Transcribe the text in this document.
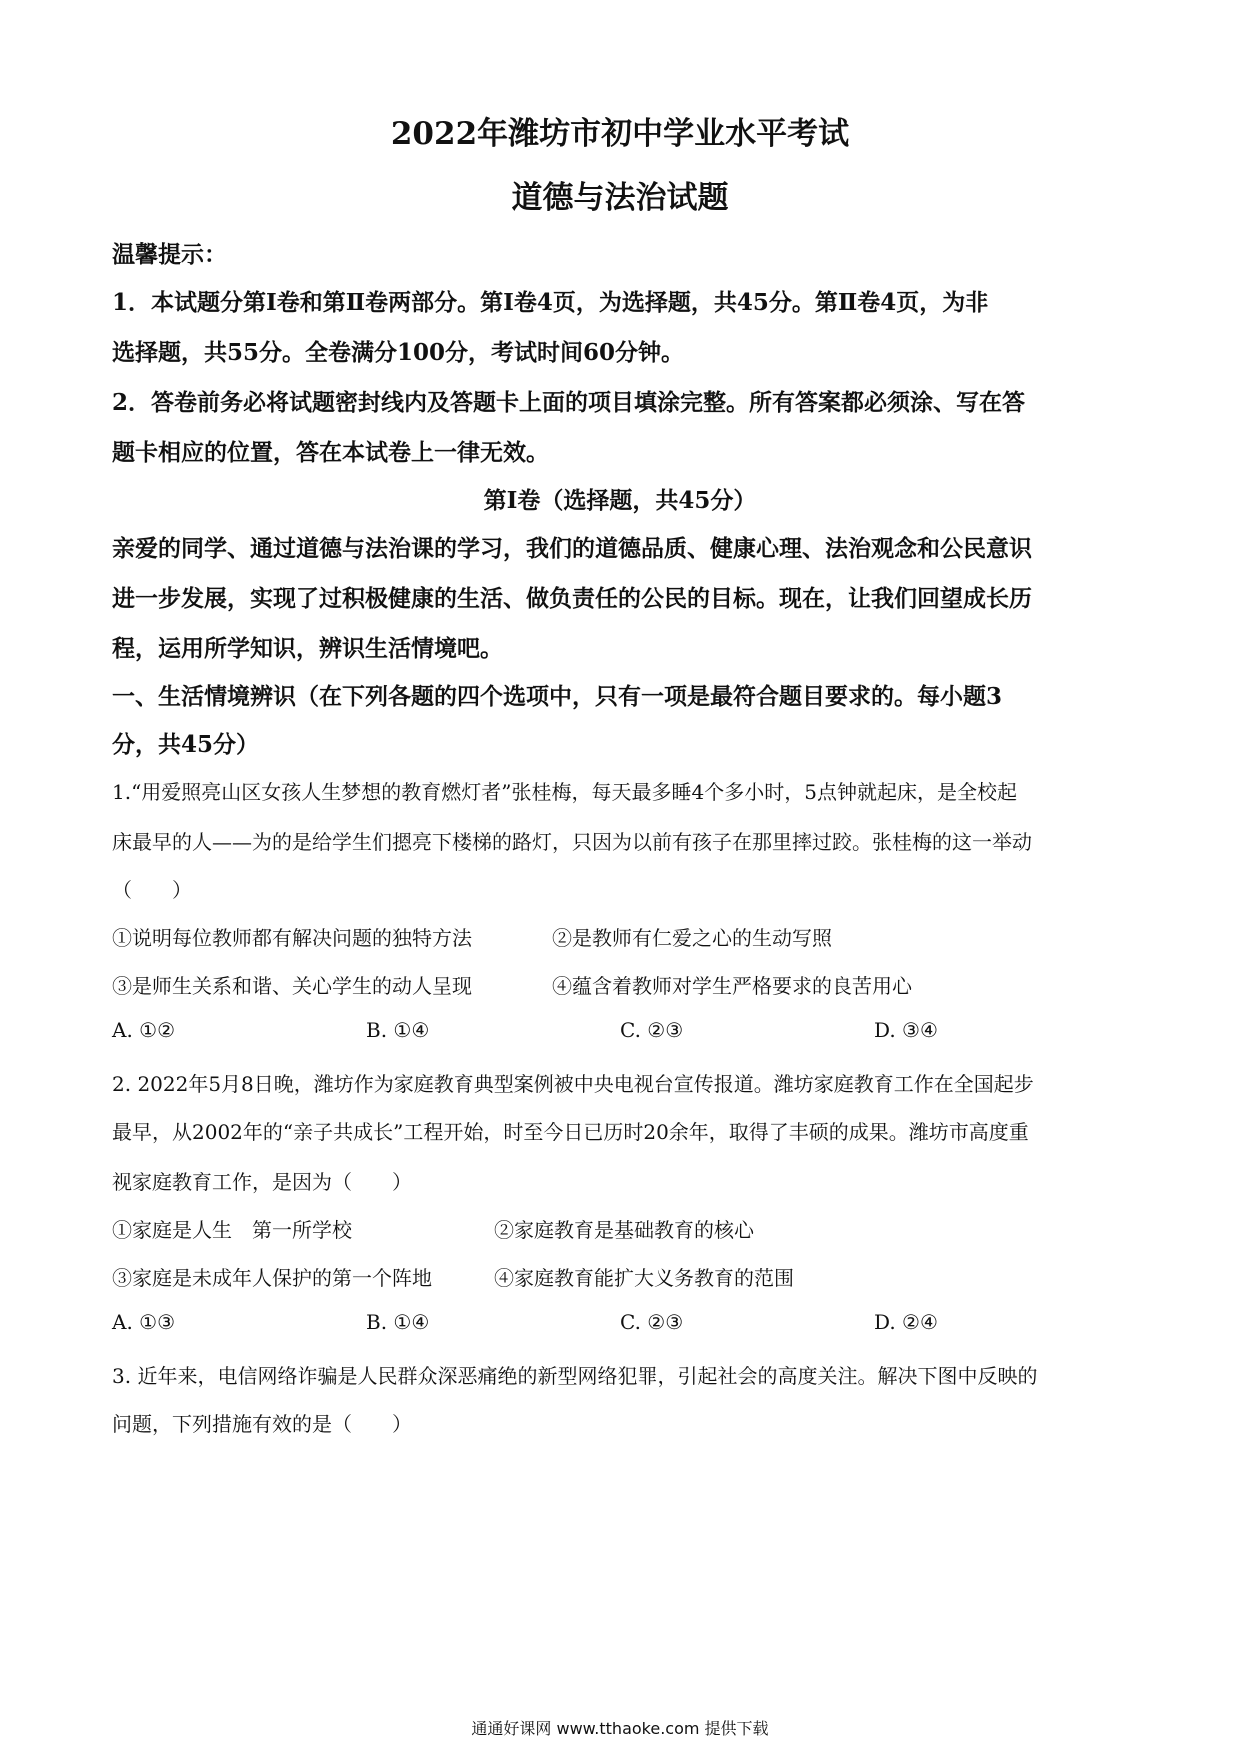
2022年潍坊市初中学业水平考试
道德与法治试题
温馨提示：
1．本试题分第Ⅰ卷和第Ⅱ卷两部分。第Ⅰ卷4页，为选择题，共45分。第Ⅱ卷4页，为非
选择题，共55分。全卷满分100分，考试时间60分钟。
2．答卷前务必将试题密封线内及答题卡上面的项目填涂完整。所有答案都必须涂、写在答
题卡相应的位置，答在本试卷上一律无效。
第Ⅰ卷（选择题，共45分）
亲爱的同学、通过道德与法治课的学习，我们的道德品质、健康心理、法治观念和公民意识
进一步发展，实现了过积极健康的生活、做负责任的公民的目标。现在，让我们回望成长历
程，运用所学知识，辨识生活情境吧。
一、生活情境辨识（在下列各题的四个选项中，只有一项是最符合题目要求的。每小题3
分，共45分）
1.“用爱照亮山区女孩人生梦想的教育燃灯者”张桂梅，每天最多睡4个多小时，5点钟就起床，是全校起
床最早的人——为的是给学生们摁亮下楼梯的路灯，只因为以前有孩子在那里摔过跤。张桂梅的这一举动
（　　）
①说明每位教师都有解决问题的独特方法	②是教师有仁爱之心的生动写照
③是师生关系和谐、关心学生的动人呈现	④蕴含着教师对学生严格要求的良苦用心
A. ①②	B. ①④	C. ②③	D. ③④
2. 2022年5月8日晚，潍坊作为家庭教育典型案例被中央电视台宣传报道。潍坊家庭教育工作在全国起步
最早，从2002年的“亲子共成长”工程开始，时至今日已历时20余年，取得了丰硕的成果。潍坊市高度重
视家庭教育工作，是因为（　　）
①家庭是人生　第一所学校	②家庭教育是基础教育的核心
③家庭是未成年人保护的第一个阵地	④家庭教育能扩大义务教育的范围
A. ①③	B. ①④	C. ②③	D. ②④
3. 近年来，电信网络诈骗是人民群众深恶痛绝的新型网络犯罪，引起社会的高度关注。解决下图中反映的
问题，下列措施有效的是（　　）
通通好课网 www.tthaoke.com 提供下载
